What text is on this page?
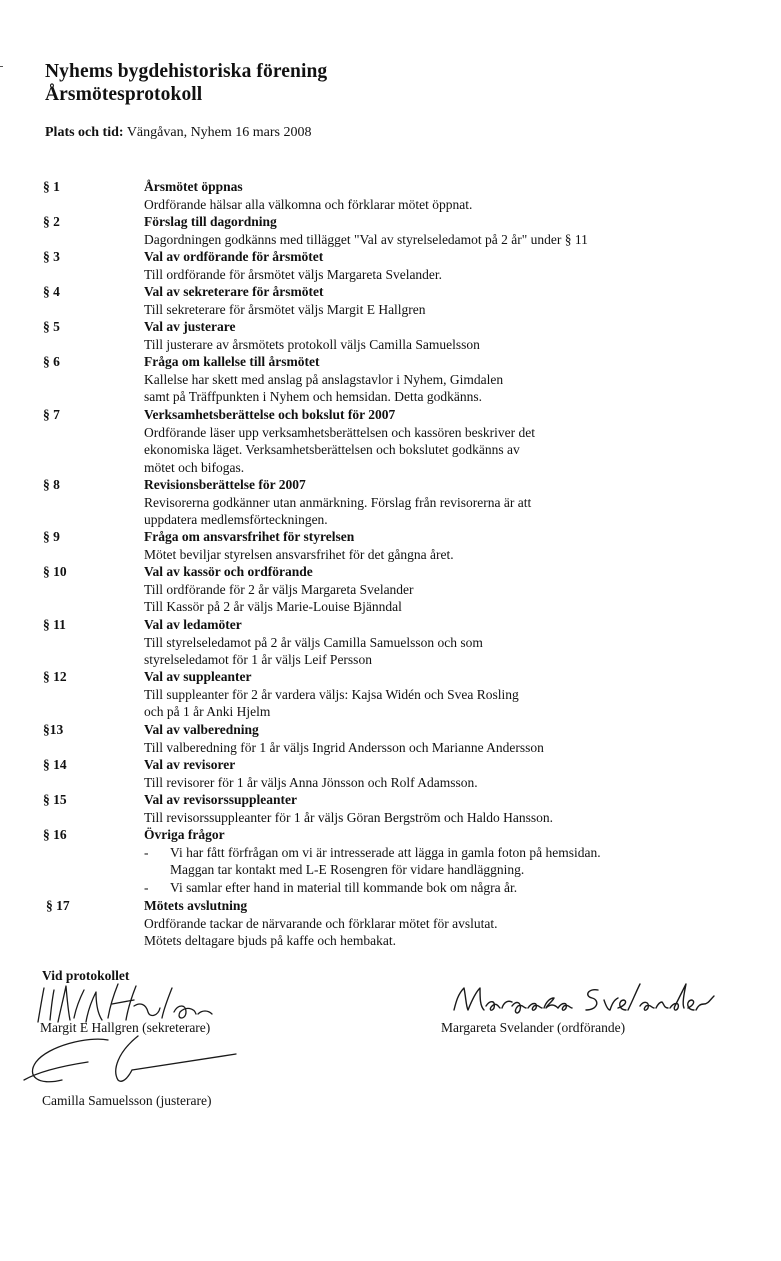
Nyhems bygdehistoriska förening
Årsmötesprotokoll
Plats och tid: Vängåvan, Nyhem 16 mars 2008
§ 1	Årsmötet öppnas
Ordförande hälsar alla välkomna och förklarar mötet öppnat.
§ 2	Förslag till dagordning
Dagordningen godkänns med tillägget "Val av styrelseledamot på 2 år" under § 11
§ 3	Val av ordförande för årsmötet
Till ordförande för årsmötet väljs Margareta Svelander.
§ 4	Val av sekreterare för årsmötet
Till sekreterare för årsmötet väljs Margit E Hallgren
§ 5	Val av justerare
Till justerare av årsmötets protokoll väljs Camilla Samuelsson
§ 6	Fråga om kallelse till årsmötet
Kallelse har skett med anslag på anslagstavlor i Nyhem, Gimdalen
samt på Träffpunkten i Nyhem och hemsidan. Detta godkänns.
§ 7	Verksamhetsberättelse och bokslut för 2007
Ordförande läser upp verksamhetsberättelsen och kassören beskriver det
ekonomiska läget. Verksamhetsberättelsen och bokslutet godkänns av
mötet och bifogas.
§ 8	Revisionsberättelse för 2007
Revisorerna godkänner utan anmärkning. Förslag från revisorerna är att
uppdatera medlemsförteckningen.
§ 9	Fråga om ansvarsfrihet för styrelsen
Mötet beviljar styrelsen ansvarsfrihet för det gångna året.
§ 10	Val av kassör och ordförande
Till ordförande för 2 år väljs Margareta Svelander
Till Kassör på 2 år väljs Marie-Louise Bjänndal
§ 11	Val av ledamöter
Till styrelseledamot på 2 år väljs Camilla Samuelsson och som
styrelseledamot för 1 år väljs Leif Persson
§ 12	Val av suppleanter
Till suppleanter för 2 år vardera väljs: Kajsa Widén och Svea Rosling
och på 1 år Anki Hjelm
§13	Val av valberedning
Till valberedning för 1 år väljs Ingrid Andersson och Marianne Andersson
§ 14	Val av revisorer
Till revisorer för 1 år väljs Anna Jönsson och Rolf Adamsson.
§ 15	Val av revisorssuppleanter
Till revisorssuppleanter för 1 år väljs Göran Bergström och Haldo Hansson.
§ 16	Övriga frågor
- Vi har fått förfrågan om vi är intresserade att lägga in gamla foton på hemsidan.
Maggan tar kontakt med L-E Rosengren för vidare handläggning.
- Vi samlar efter hand in material till kommande bok om några år.
§ 17	Mötets avslutning
Ordförande tackar de närvarande och förklarar mötet för avslutat.
Mötets deltagare bjuds på kaffe och hembakat.
Vid protokollet
Margit E Hallgren (sekreterare)	Margareta Svelander (ordförande)
Camilla Samuelsson (justerare)
